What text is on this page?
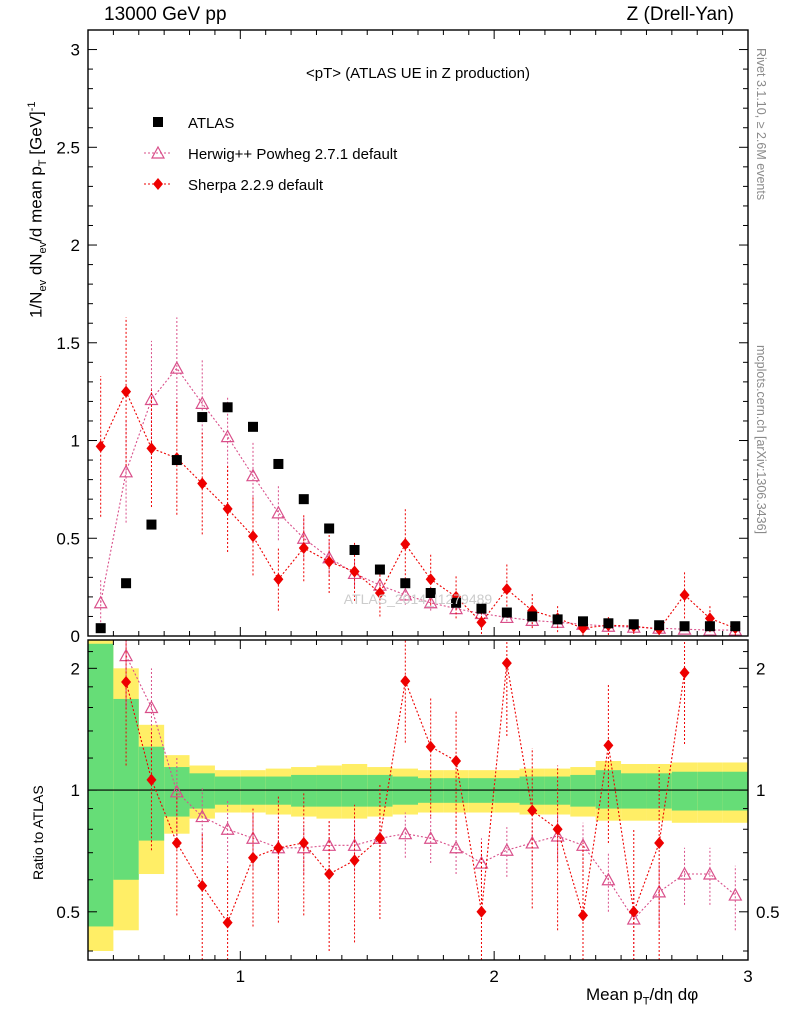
13000 GeV pp	Z (Drell-Yan)
Rivet 3.1.10, ≥ 2.6M events
mcplots.cern.ch [arXiv:1306.3436]
$1/N_{ev}$ $dN_{ev}/d$ mean $p_T$ [GeV]$^{-1}$
Ratio to ATLAS
Mean $p_T/d\eta$ dφ
0
0.5
1
1.5
2
2.5
3
0.5	0.5
1	1
2	2
1	2	3
<pT> (ATLAS UE in Z production)
ATLAS_2014_I1279489
ATLAS
Herwig++ Powheg 2.7.1 default
Sherpa 2.2.9 default
